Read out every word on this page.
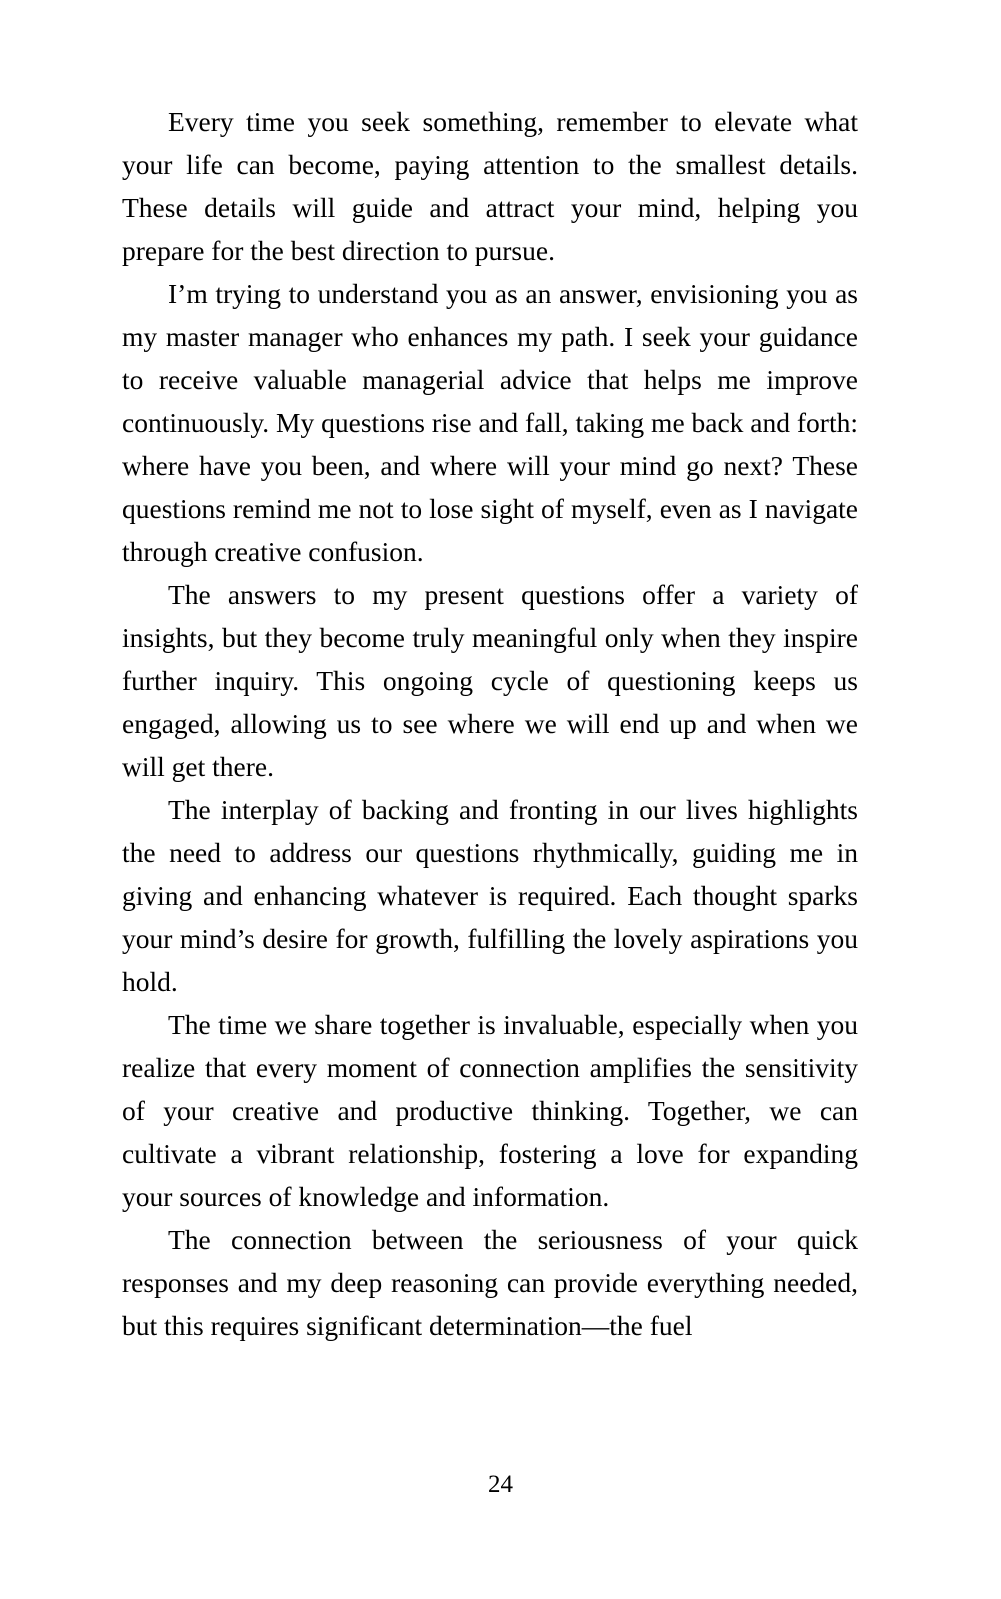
Every time you seek something, remember to elevate what your life can become, paying attention to the smallest details. These details will guide and attract your mind, helping you prepare for the best direction to pursue.

I’m trying to understand you as an answer, envisioning you as my master manager who enhances my path. I seek your guidance to receive valuable managerial advice that helps me improve continuously. My questions rise and fall, taking me back and forth: where have you been, and where will your mind go next? These questions remind me not to lose sight of myself, even as I navigate through creative confusion.

The answers to my present questions offer a variety of insights, but they become truly meaningful only when they inspire further inquiry. This ongoing cycle of questioning keeps us engaged, allowing us to see where we will end up and when we will get there.

The interplay of backing and fronting in our lives highlights the need to address our questions rhythmically, guiding me in giving and enhancing whatever is required. Each thought sparks your mind’s desire for growth, fulfilling the lovely aspirations you hold.

The time we share together is invaluable, especially when you realize that every moment of connection amplifies the sensitivity of your creative and productive thinking. Together, we can cultivate a vibrant relationship, fostering a love for expanding your sources of knowledge and information.

The connection between the seriousness of your quick responses and my deep reasoning can provide everything needed, but this requires significant determination—the fuel

24
